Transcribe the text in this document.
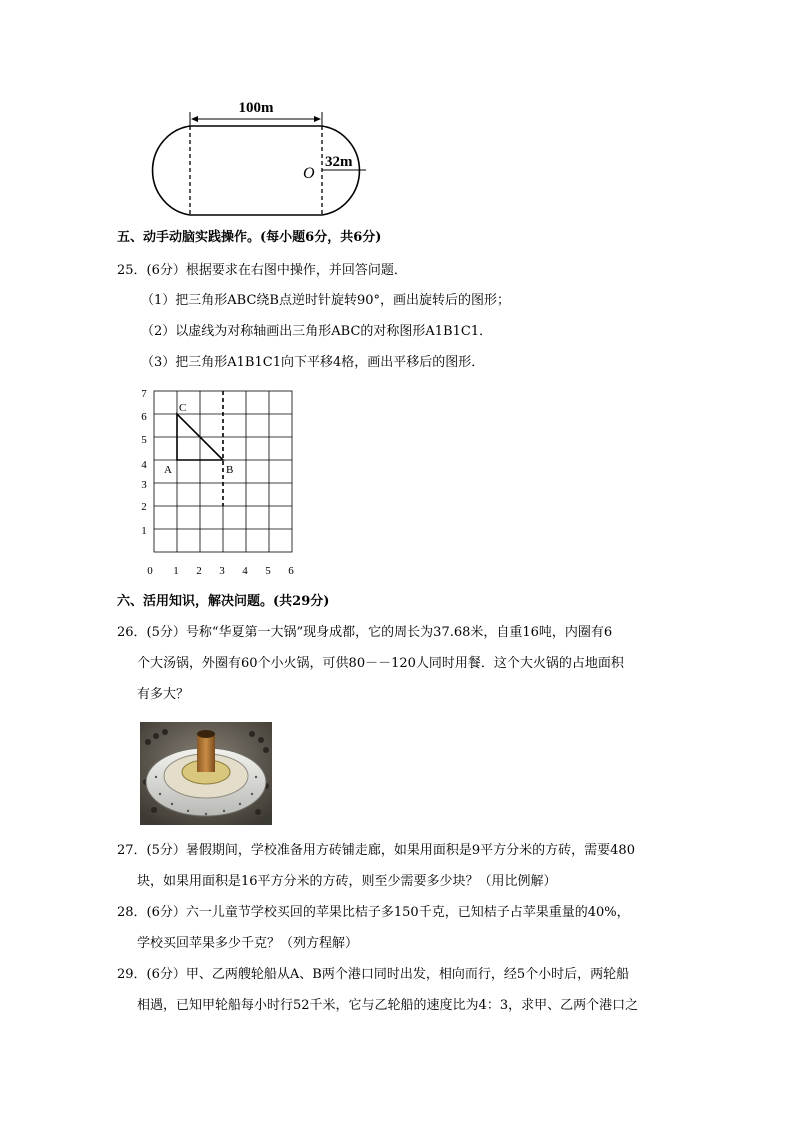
100m
32m
O
五、动手动脑实践操作。(每小题6分，共6分)
25．(6分）根据要求在右图中操作，并回答问题．
（1）把三角形ABC绕B点逆时针旋转90°，画出旋转后的图形；
（2）以虚线为对称轴画出三角形ABC的对称图形A1B1C1．
（3）把三角形A1B1C1向下平移4格，画出平移后的图形．
C
A	B
7
6
5
4
3
2
1
0 1 2 3 4 5 6
六、活用知识，解决问题。(共29分)
26．(5分）号称“华夏第一大锅”现身成都，它的周长为37.68米，自重16吨，内圈有6
个大汤锅，外圈有60个小火锅，可供80－－120人同时用餐．这个大火锅的占地面积
有多大？
27．(5分）暑假期间，学校准备用方砖铺走廊，如果用面积是9平方分米的方砖，需要480
块，如果用面积是16平方分米的方砖，则至少需要多少块？（用比例解）
28．(6分）六一儿童节学校买回的苹果比桔子多150千克，已知桔子占苹果重量的40%，
学校买回苹果多少千克？（列方程解）
29．(6分）甲、乙两艘轮船从A、B两个港口同时出发，相向而行，经5个小时后，两轮船
相遇，已知甲轮船每小时行52千米，它与乙轮船的速度比为4：3，求甲、乙两个港口之
